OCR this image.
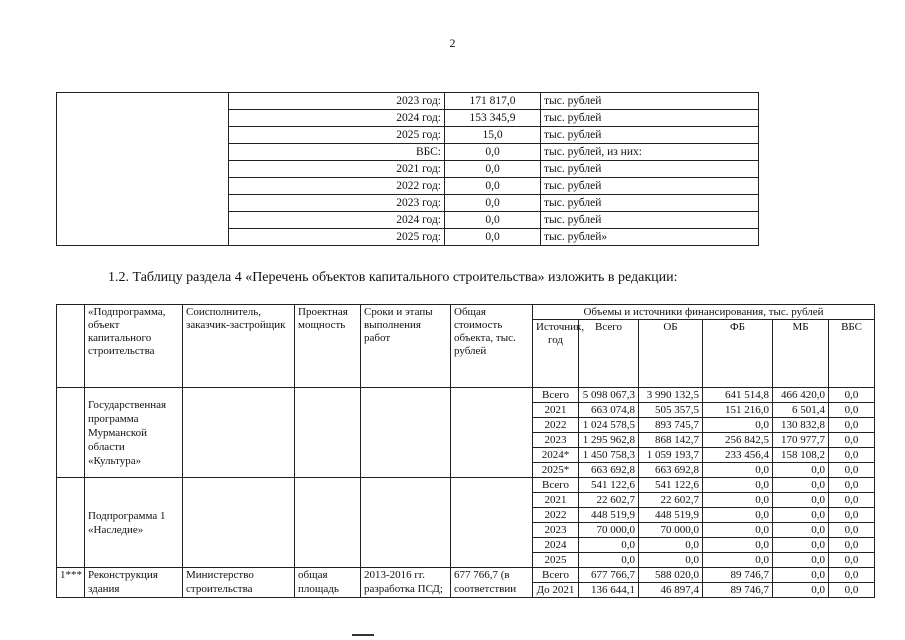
2
	2023 год:	171 817,0	тыс. рублей
	2024 год:	153 345,9	тыс. рублей
	2025 год:	15,0	тыс. рублей
	ВБС:	0,0	тыс. рублей, из них:
	2021 год:	0,0	тыс. рублей
	2022 год:	0,0	тыс. рублей
	2023 год:	0,0	тыс. рублей
	2024 год:	0,0	тыс. рублей
	2025 год:	0,0	тыс. рублей»
1.2. Таблицу раздела 4 «Перечень объектов капитального строительства» изложить в редакции:
	«Подпрограмма, объект капитального строительства	Соисполнитель, заказчик-застройщик	Проектная мощность	Сроки и этапы выполнения работ	Общая стоимость объекта, тыс. рублей	Объемы и источники финансирования, тыс. рублей					
						Источник, год	Всего	ОБ	ФБ	МБ	ВБС
	Государственная программа Мурманской области «Культура»					Всего	5 098 067,3	3 990 132,5	641 514,8	466 420,0	0,0
						2021	663 074,8	505 357,5	151 216,0	6 501,4	0,0
						2022	1 024 578,5	893 745,7	0,0	130 832,8	0,0
						2023	1 295 962,8	868 142,7	256 842,5	170 977,7	0,0
						2024*	1 450 758,3	1 059 193,7	233 456,4	158 108,2	0,0
						2025*	663 692,8	663 692,8	0,0	0,0	0,0
	Подпрограмма 1 «Наследие»					Всего	541 122,6	541 122,6	0,0	0,0	0,0
						2021	22 602,7	22 602,7	0,0	0,0	0,0
						2022	448 519,9	448 519,9	0,0	0,0	0,0
						2023	70 000,0	70 000,0	0,0	0,0	0,0
						2024	0,0	0,0	0,0	0,0	0,0
						2025	0,0	0,0	0,0	0,0	0,0
1***	Реконструкция здания	Министерство строительства	общая площадь	2013-2016 гг. разработка ПСД;	677 766,7 (в соответствии	Всего	677 766,7	588 020,0	89 746,7	0,0	0,0
						До 2021	136 644,1	46 897,4	89 746,7	0,0	0,0
